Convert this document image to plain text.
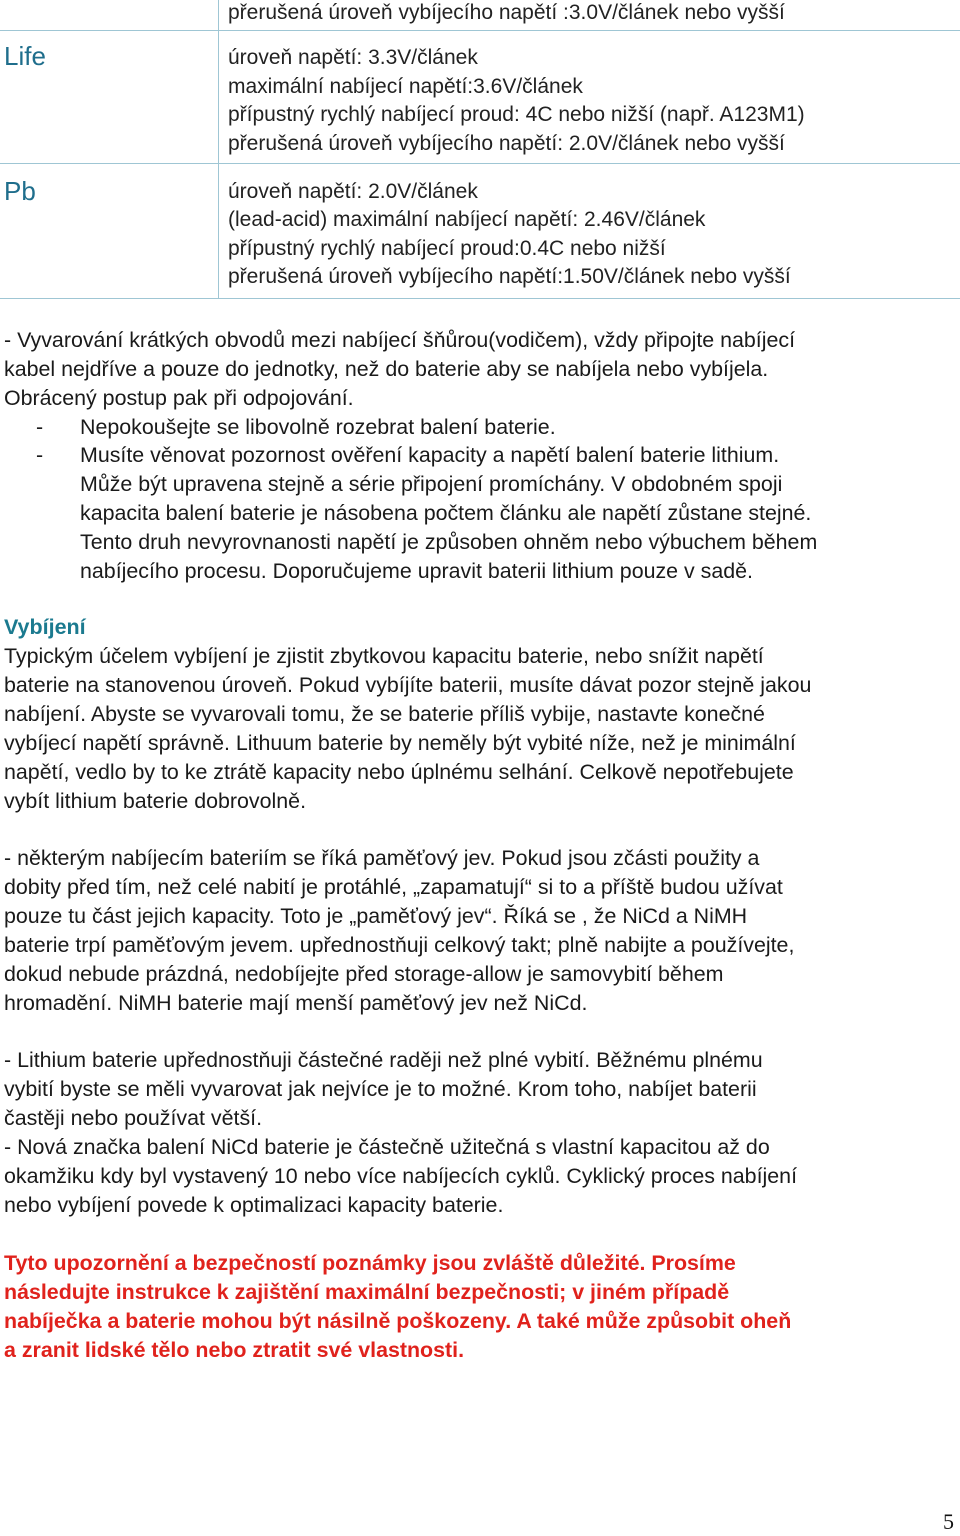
přerušená úroveň vybíjecího napětí :3.0V/článek nebo vyšší
Life	úroveň napětí: 3.3V/článek
maximální nabíjecí napětí:3.6V/článek
přípustný rychlý nabíjecí proud: 4C nebo nižší (např. A123M1)
přerušená úroveň vybíjecího napětí: 2.0V/článek nebo vyšší
Pb	úroveň napětí: 2.0V/článek
(lead-acid) maximální nabíjecí napětí: 2.46V/článek
přípustný rychlý nabíjecí proud:0.4C nebo nižší
přerušená úroveň vybíjecího napětí:1.50V/článek nebo vyšší
- Vyvarování krátkých obvodů mezi nabíjecí šňůrou(vodičem), vždy připojte nabíjecí
kabel nejdříve a pouze do jednotky, než do baterie aby se nabíjela nebo vybíjela.
Obrácený postup pak při odpojování.
-	Nepokoušejte se libovolně rozebrat balení baterie.
-	Musíte věnovat pozornost ověření kapacity a napětí balení baterie lithium.
Může být upravena stejně a série připojení promíchány. V obdobném spoji
kapacita balení baterie je násobena počtem článku ale napětí zůstane stejné.
Tento druh nevyrovnanosti napětí je způsoben ohněm nebo výbuchem během
nabíjecího procesu. Doporučujeme upravit baterii lithium pouze v sadě.
Vybíjení
Typickým účelem vybíjení je zjistit zbytkovou kapacitu baterie, nebo snížit napětí
baterie na stanovenou úroveň. Pokud vybíjíte baterii, musíte dávat pozor stejně jakou
nabíjení. Abyste se vyvarovali tomu, že se baterie příliš vybije, nastavte konečné
vybíjecí napětí správně. Lithuum baterie by neměly být vybité níže, než je minimální
napětí, vedlo by to ke ztrátě kapacity nebo úplnému selhání. Celkově nepotřebujete
vybít lithium baterie dobrovolně.
- některým nabíjecím bateriím se říká paměťový jev. Pokud jsou zčásti použity a
dobity před tím, než celé nabití je protáhlé, „zapamatují“ si to a příště budou užívat
pouze tu část jejich kapacity. Toto je „paměťový jev“. Říká se , že NiCd a NiMH
baterie trpí paměťovým jevem. upřednostňuji celkový takt; plně nabijte a používejte,
dokud nebude prázdná, nedobíjejte před storage-allow je samovybití během
hromadění. NiMH baterie mají menší paměťový jev než NiCd.
- Lithium baterie upřednostňuji částečné raději než plné vybití. Běžnému plnému
vybití byste se měli vyvarovat jak nejvíce je to možné. Krom toho, nabíjet baterii
častěji nebo používat větší.
- Nová značka balení NiCd baterie je částečně užitečná s vlastní kapacitou až do
okamžiku kdy byl vystavený 10 nebo více nabíjecích cyklů. Cyklický proces nabíjení
nebo vybíjení povede k optimalizaci kapacity baterie.
Tyto upozornění a bezpečností poznámky jsou zvláště důležité. Prosíme
následujte instrukce k zajištění maximální bezpečnosti; v jiném případě
nabíječka a baterie mohou být násilně poškozeny. A také může způsobit oheň
a zranit lidské tělo nebo ztratit své vlastnosti.
5
